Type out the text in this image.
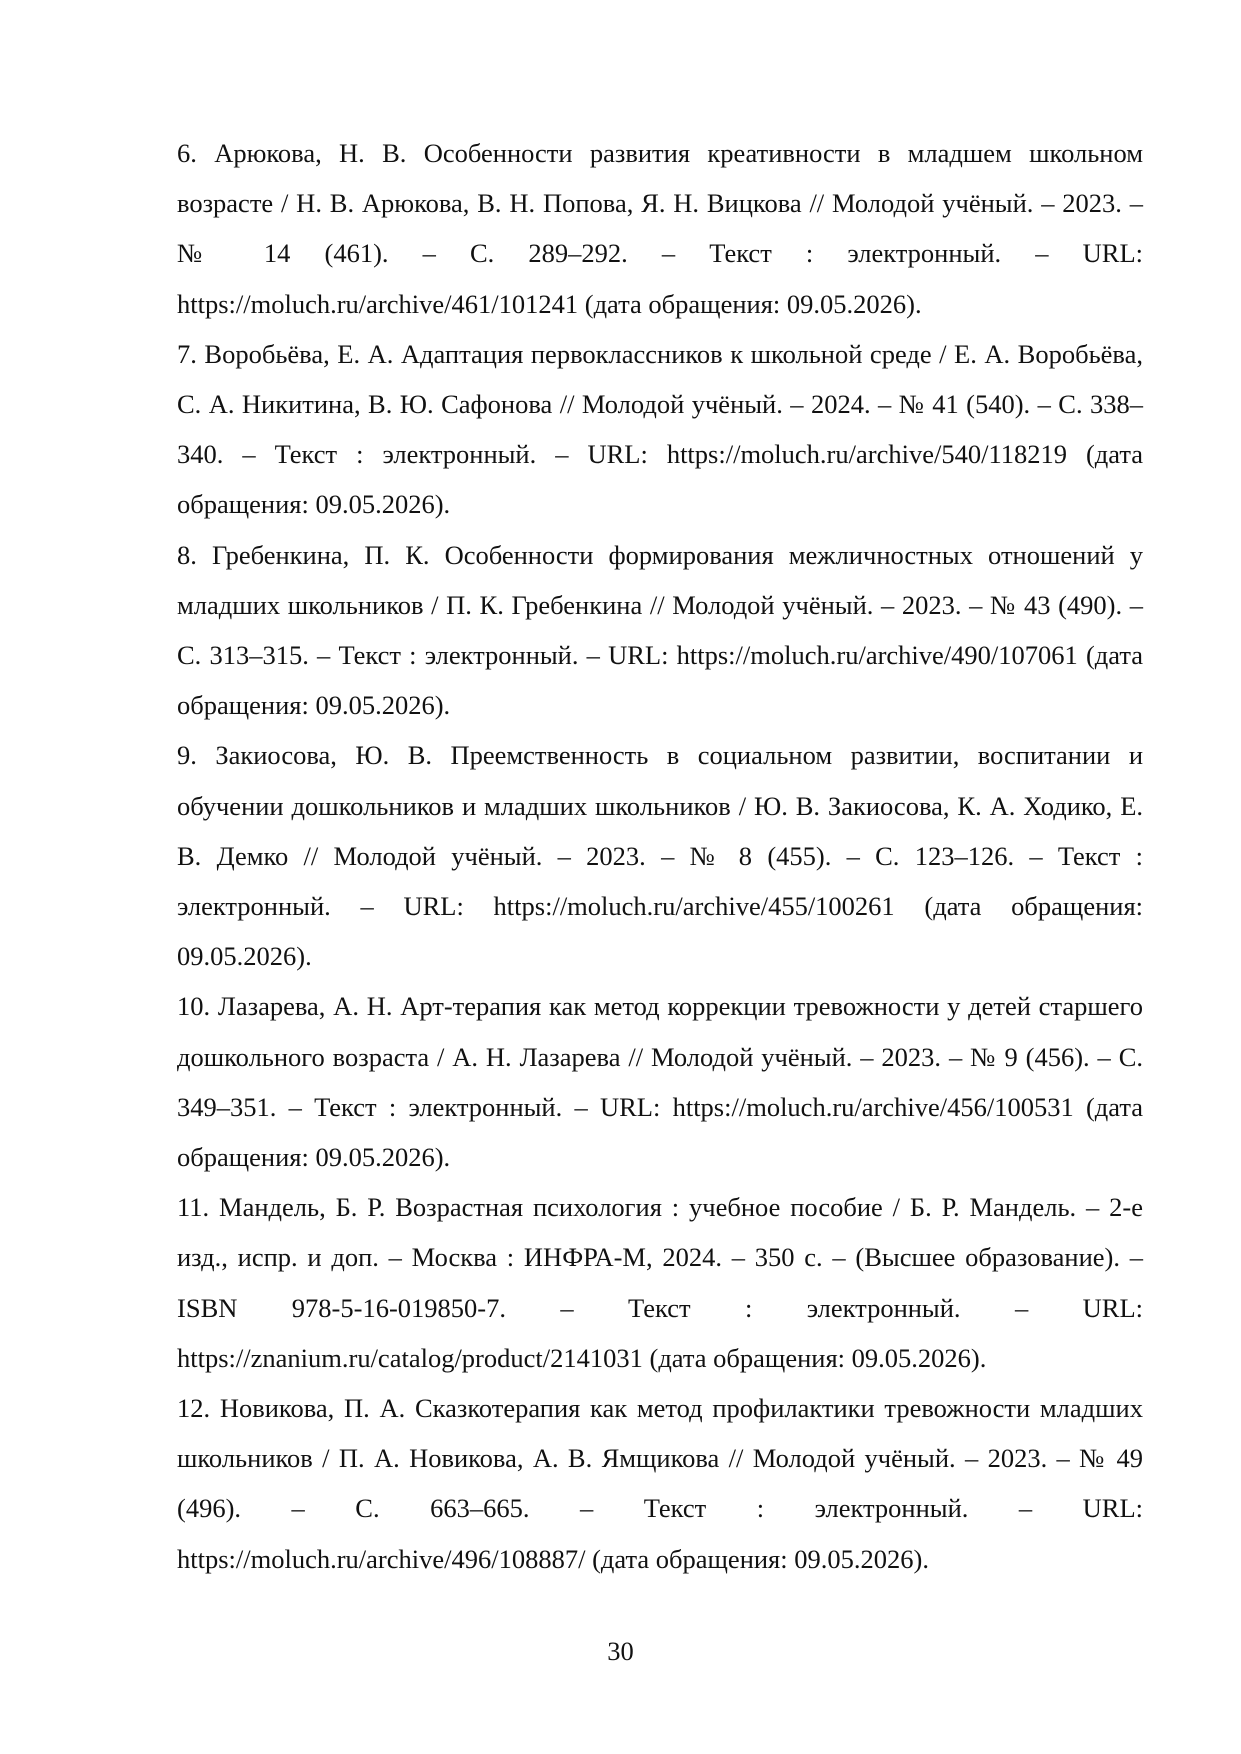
6. Арюкова, Н. В. Особенности развития креативности в младшем школьном возрасте / Н. В. Арюкова, В. Н. Попова, Я. Н. Вицкова // Молодой учёный. – 2023. – № 14 (461). – С. 289–292. – Текст : электронный. – URL: https://moluch.ru/archive/461/101241 (дата обращения: 09.05.2026).

7. Воробьёва, Е. А. Адаптация первоклассников к школьной среде / Е. А. Воробьёва, С. А. Никитина, В. Ю. Сафонова // Молодой учёный. – 2024. – № 41 (540). – С. 338–340. – Текст : электронный. – URL: https://moluch.ru/archive/540/118219 (дата обращения: 09.05.2026).

8. Гребенкина, П. К. Особенности формирования межличностных отношений у младших школьников / П. К. Гребенкина // Молодой учёный. – 2023. – № 43 (490). – С. 313–315. – Текст : электронный. – URL: https://moluch.ru/archive/490/107061 (дата обращения: 09.05.2026).

9. Закиосова, Ю. В. Преемственность в социальном развитии, воспитании и обучении дошкольников и младших школьников / Ю. В. Закиосова, К. А. Ходико, Е. В. Демко // Молодой учёный. – 2023. – № 8 (455). – С. 123–126. – Текст : электронный. – URL: https://moluch.ru/archive/455/100261 (дата обращения: 09.05.2026).

10. Лазарева, А. Н. Арт-терапия как метод коррекции тревожности у детей старшего дошкольного возраста / А. Н. Лазарева // Молодой учёный. – 2023. – № 9 (456). – С. 349–351. – Текст : электронный. – URL: https://moluch.ru/archive/456/100531 (дата обращения: 09.05.2026).

11. Мандель, Б. Р. Возрастная психология : учебное пособие / Б. Р. Мандель. – 2-е изд., испр. и доп. – Москва : ИНФРА-М, 2024. – 350 с. – (Высшее образование). – ISBN 978-5-16-019850-7. – Текст : электронный. – URL: https://znanium.ru/catalog/product/2141031 (дата обращения: 09.05.2026).

12. Новикова, П. А. Сказкотерапия как метод профилактики тревожности младших школьников / П. А. Новикова, А. В. Ямщикова // Молодой учёный. – 2023. – № 49 (496). – С. 663–665. – Текст : электронный. – URL: https://moluch.ru/archive/496/108887/ (дата обращения: 09.05.2026).

30
